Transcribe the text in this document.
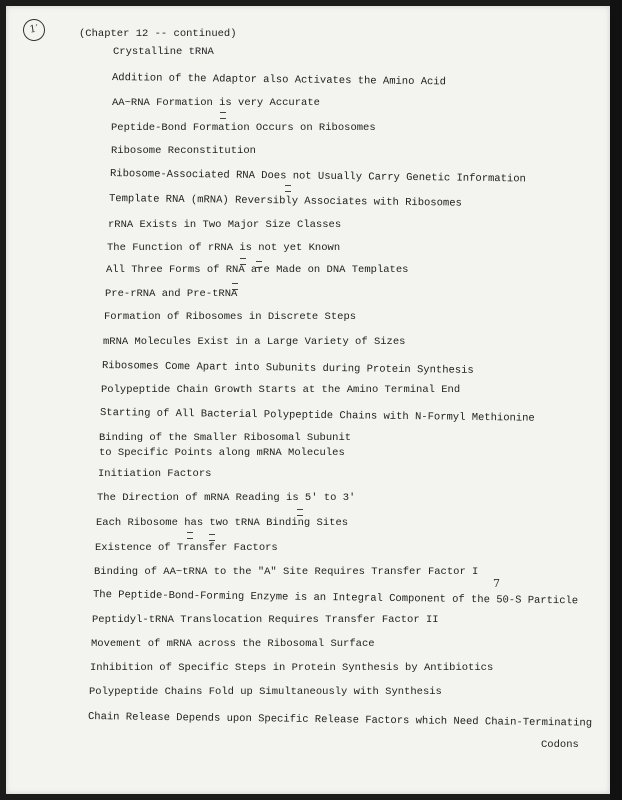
1′	(Chapter 12 -- continued)
Crystalline tRNA
Addition of the Adaptor also Activates the Amino Acid
AA~RNA Formation is very Accurate
Peptide-Bond Formation Occurs on Ribosomes
Ribosome Reconstitution
Ribosome-Associated RNA Does not Usually Carry Genetic Information
Template RNA (mRNA) Reversibly Associates with Ribosomes
rRNA Exists in Two Major Size Classes
The Function of rRNA is not yet Known
All Three Forms of RNA are Made on DNA Templates
Pre-rRNA and Pre-tRNA
Formation of Ribosomes in Discrete Steps
mRNA Molecules Exist in a Large Variety of Sizes
Ribosomes Come Apart into Subunits during Protein Synthesis
Polypeptide Chain Growth Starts at the Amino Terminal End
Starting of All Bacterial Polypeptide Chains with N-Formyl Methionine
Binding of the Smaller Ribosomal Subunit
to Specific Points along mRNA Molecules
Initiation Factors
The Direction of mRNA Reading is 5' to 3'
Each Ribosome has two tRNA Binding Sites
Existence of Transfer Factors
Binding of AA~tRNA to the "A" Site Requires Transfer Factor I
The Peptide-Bond-Forming Enzyme is an Integral Component of the 50-S Particle
Peptidyl-tRNA Translocation Requires Transfer Factor II
Movement of mRNA across the Ribosomal Surface
Inhibition of Specific Steps in Protein Synthesis by Antibiotics
Polypeptide Chains Fold up Simultaneously with Synthesis
Chain Release Depends upon Specific Release Factors which Need Chain-Terminating
Codons
7
